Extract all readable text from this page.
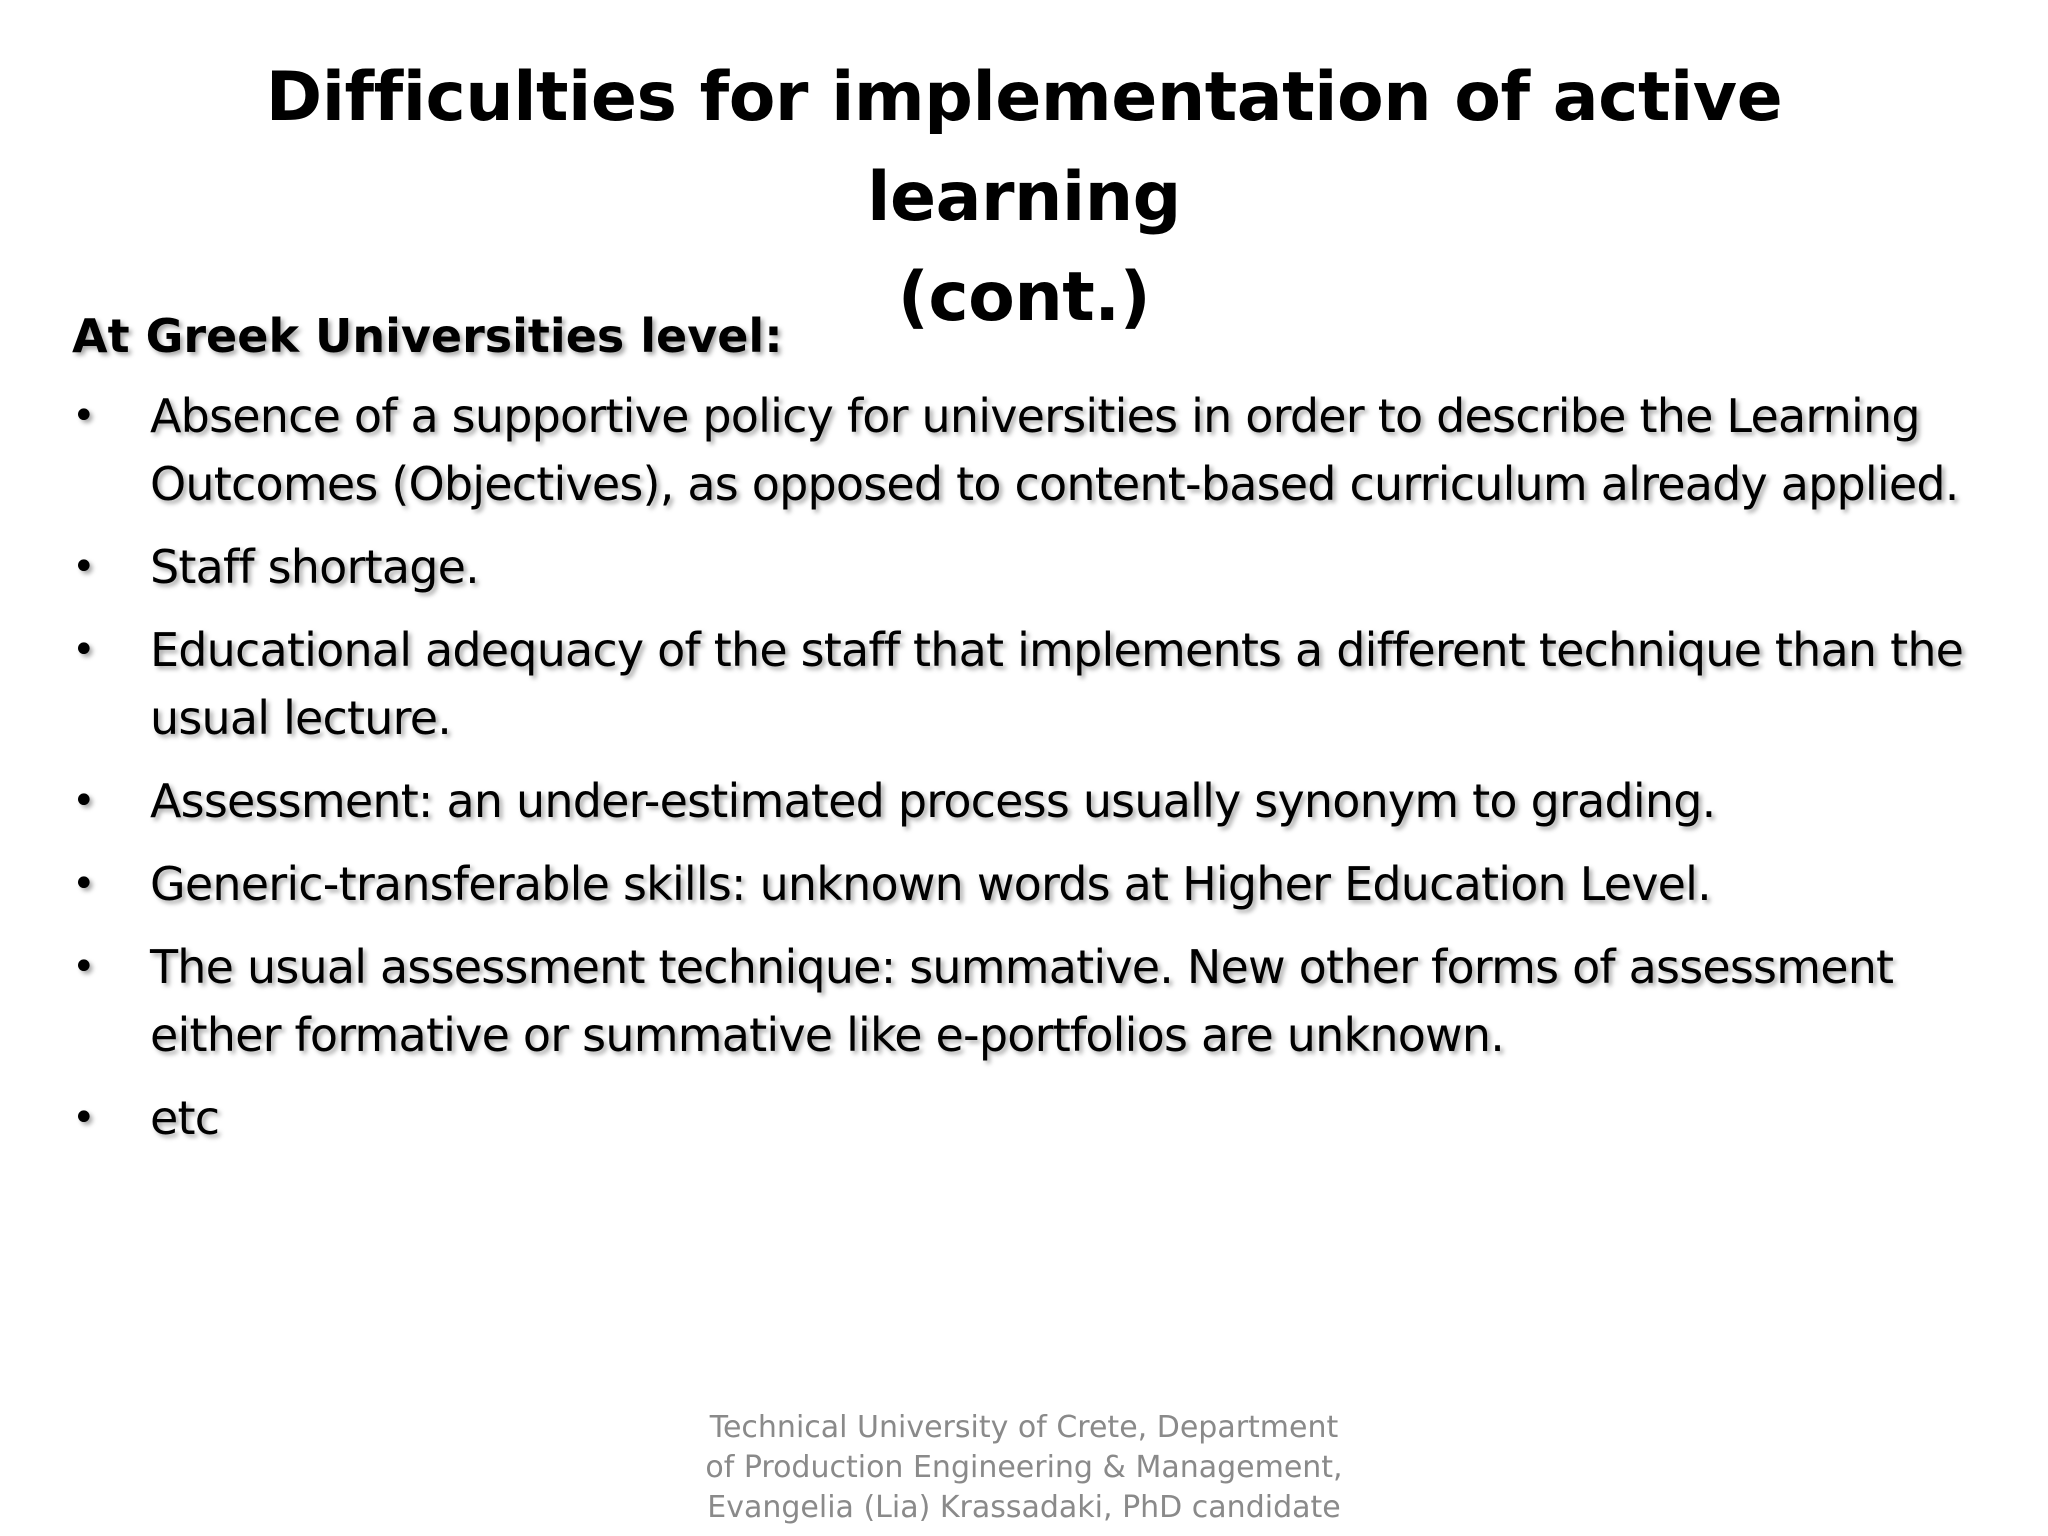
Difficulties for implementation of active learning
(cont.)
At Greek Universities level:
• Absence of a supportive policy for universities in order to describe the Learning Outcomes (Objectives), as opposed to content-based curriculum already applied.
• Staff shortage.
• Educational adequacy of the staff that implements a different technique than the usual lecture.
• Assessment: an under-estimated process usually synonym to grading.
• Generic-transferable skills: unknown words at Higher Education Level.
• The usual assessment technique: summative. New other forms of assessment either formative or summative like e-portfolios are unknown.
• etc
Technical University of Crete, Department
of Production Engineering & Management,
Evangelia (Lia) Krassadaki, PhD candidate
